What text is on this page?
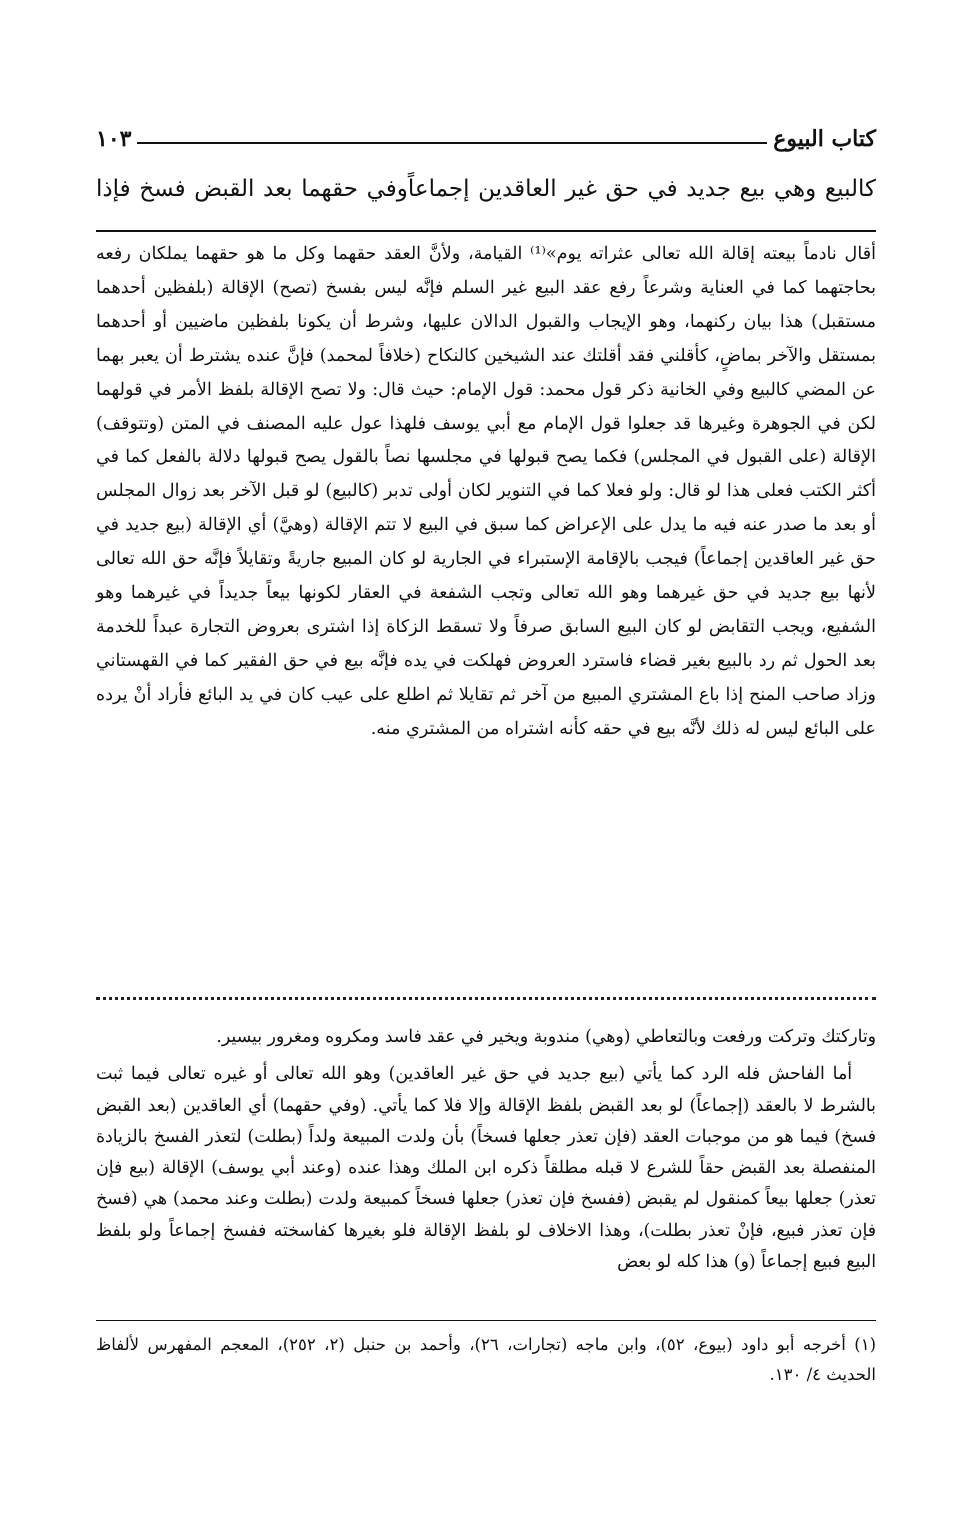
كتاب البيوع
١٠٣
كالبيع وهي بيع جديد في حق غير العاقدين إجماعاًوفي حقهما بعد القبض فسخ فإذا

أقال نادماً بيعته إقالة الله تعالى عثراته يوم»⁽¹⁾ القيامة، ولأنَّ العقد حقهما وكل ما هو حقهما يملكان رفعه بحاجتهما كما في العناية وشرعاً رفع عقد البيع غير السلم فإنَّه ليس بفسخ (تصح) الإقالة (بلفظين أحدهما مستقبل) هذا بيان ركنهما، وهو الإيجاب والقبول الدالان عليها، وشرط أن يكونا بلفظين ماضيين أو أحدهما بمستقل والآخر بماضٍ، كأقلني فقد أقلتك عند الشيخين كالنكاح (خلافاً لمحمد) فإنَّ عنده يشترط أن يعبر بهما عن المضي كالبيع وفي الخانية ذكر قول محمد: قول الإمام: حيث قال: ولا تصح الإقالة بلفظ الأمر في قولهما لكن في الجوهرة وغيرها قد جعلوا قول الإمام مع أبي يوسف فلهذا عول عليه المصنف في المتن (وتتوقف) الإقالة (على القبول في المجلس) فكما يصح قبولها في مجلسها نصاً بالقول يصح قبولها دلالة بالفعل كما في أكثر الكتب فعلى هذا لو قال: ولو فعلا كما في التنوير لكان أولى تدبر (كالبيع) لو قبل الآخر بعد زوال المجلس أو بعد ما صدر عنه فيه ما يدل على الإعراض كما سبق في البيع لا تتم الإقالة (وهيَّ) أي الإقالة (بيع جديد في حق غير العاقدين إجماعاً) فيجب بالإقامة الإستبراء في الجارية لو كان المبيع جاريةً وتقايلاً فإنَّه حق الله تعالى لأنها بيع جديد في حق غيرهما وهو الله تعالى وتجب الشفعة في العقار لكونها بيعاً جديداً في غيرهما وهو الشفيع، ويجب التقابض لو كان البيع السابق صرفاً ولا تسقط الزكاة إذا اشترى بعروض التجارة عبداً للخدمة بعد الحول ثم رد بالبيع بغير قضاء فاسترد العروض فهلكت في يده فإنَّه بيع في حق الفقير كما في القهستاني وزاد صاحب المنح إذا باع المشتري المبيع من آخر ثم تقايلا ثم اطلع على عيب كان في يد البائع فأراد أنْ يرده على البائع ليس له ذلك لأنَّه بيع في حقه كأنه اشتراه من المشتري منه.

وتاركتك وتركت ورفعت وبالتعاطي (وهي) مندوبة ويخير في عقد فاسد ومكروه ومغرور بيسير.

أما الفاحش فله الرد كما يأتي (بيع جديد في حق غير العاقدين) وهو الله تعالى أو غيره تعالى فيما ثبت بالشرط لا بالعقد (إجماعاً) لو بعد القبض بلفظ الإقالة وإلا فلا كما يأتي. (وفي حقهما) أي العاقدين (بعد القبض فسخ) فيما هو من موجبات العقد (فإن تعذر جعلها فسخاً) بأن ولدت المبيعة ولداً (بطلت) لتعذر الفسخ بالزيادة المنفصلة بعد القبض حقاً للشرع لا قبله مطلقاً ذكره ابن الملك وهذا عنده (وعند أبي يوسف) الإقالة (بيع فإن تعذر) جعلها بيعاً كمنقول لم يقبض (ففسخ فإن تعذر) جعلها فسخاً كمبيعة ولدت (بطلت وعند محمد) هي (فسخ فإن تعذر فبيع، فإنْ تعذر بطلت)، وهذا الاخلاف لو بلفظ الإقالة فلو بغيرها كفاسخته ففسخ إجماعاً ولو بلفظ البيع فبيع إجماعاً (و) هذا كله لو بعض

(١) أخرجه أبو داود (بيوع، ٥٢)، وابن ماجه (تجارات، ٢٦)، وأحمد بن حنبل (٢، ٢٥٢)، المعجم المفهرس لألفاظ الحديث ٤/ ١٣٠.
